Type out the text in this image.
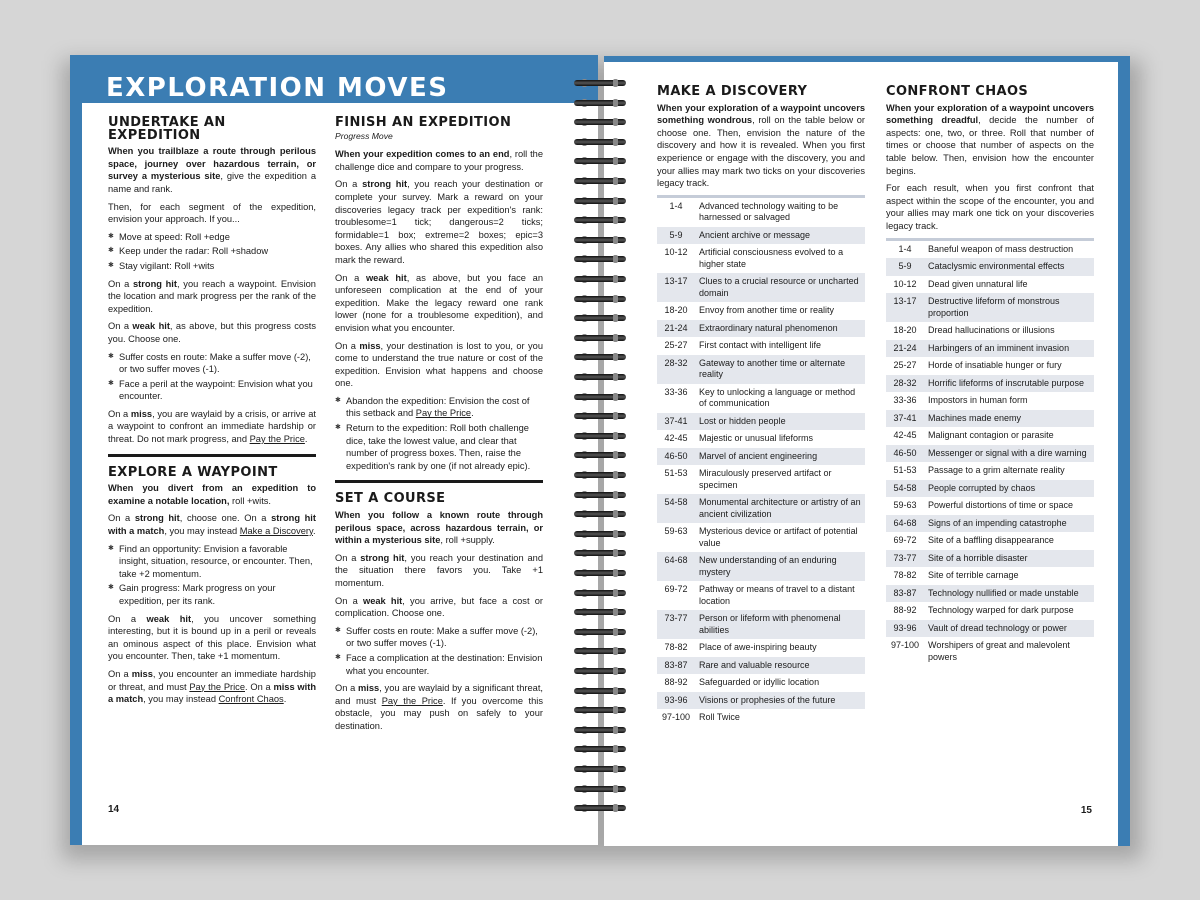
EXPLORATION MOVES
UNDERTAKE AN EXPEDITION

When you trailblaze a route through perilous space, journey over hazardous terrain, or survey a mysterious site, give the expedition a name and rank.

Then, for each segment of the expedition, envision your approach. If you...

✱ Move at speed: Roll +edge
✱ Keep under the radar: Roll +shadow
✱ Stay vigilant: Roll +wits

On a strong hit, you reach a waypoint. Envision the location and mark progress per the rank of the expedition.

On a weak hit, as above, but this progress costs you. Choose one.

✱ Suffer costs en route: Make a suffer move (-2), or two suffer moves (-1).
✱ Face a peril at the waypoint: Envision what you encounter.

On a miss, you are waylaid by a crisis, or arrive at a waypoint to confront an immediate hardship or threat. Do not mark progress, and Pay the Price.

EXPLORE A WAYPOINT

When you divert from an expedition to examine a notable location, roll +wits.

On a strong hit, choose one. On a strong hit with a match, you may instead Make a Discovery.

✱ Find an opportunity: Envision a favorable insight, situation, resource, or encounter. Then, take +2 momentum.
✱ Gain progress: Mark progress on your expedition, per its rank.

On a weak hit, you uncover something interesting, but it is bound up in a peril or reveals an ominous aspect of this place. Envision what you encounter. Then, take +1 momentum.

On a miss, you encounter an immediate hardship or threat, and must Pay the Price. On a miss with a match, you may instead Confront Chaos.

FINISH AN EXPEDITION
Progress Move

When your expedition comes to an end, roll the challenge dice and compare to your progress.

On a strong hit, you reach your destination or complete your survey. Mark a reward on your discoveries legacy track per expedition's rank: troublesome=1 tick; dangerous=2 ticks; formidable=1 box; extreme=2 boxes; epic=3 boxes. Any allies who shared this expedition also mark the reward.

On a weak hit, as above, but you face an unforeseen complication at the end of your expedition. Make the legacy reward one rank lower (none for a troublesome expedition), and envision what you encounter.

On a miss, your destination is lost to you, or you come to understand the true nature or cost of the expedition. Envision what happens and choose one.

✱ Abandon the expedition: Envision the cost of this setback and Pay the Price.
✱ Return to the expedition: Roll both challenge dice, take the lowest value, and clear that number of progress boxes. Then, raise the expedition's rank by one (if not already epic).
SET A COURSE

When you follow a known route through perilous space, across hazardous terrain, or within a mysterious site, roll +supply.

On a strong hit, you reach your destination and the situation there favors you. Take +1 momentum.

On a weak hit, you arrive, but face a cost or complication. Choose one.

✱ Suffer costs en route: Make a suffer move (-2), or two suffer moves (-1).
✱ Face a complication at the destination: Envision what you encounter.

On a miss, you are waylaid by a significant threat, and must Pay the Price. If you overcome this obstacle, you may push on safely to your destination.

14
MAKE A DISCOVERY

When your exploration of a waypoint uncovers something wondrous, roll on the table below or choose one. Then, envision the nature of the discovery and how it is revealed. When you first experience or engage with the discovery, you and your allies may mark two ticks on your discoveries legacy track.

1-4	Advanced technology waiting to be harnessed or salvaged
5-9	Ancient archive or message
10-12	Artificial consciousness evolved to a higher state
13-17	Clues to a crucial resource or uncharted domain
18-20	Envoy from another time or reality
21-24	Extraordinary natural phenomenon
25-27	First contact with intelligent life
28-32	Gateway to another time or alternate reality
33-36	Key to unlocking a language or method of communication
37-41	Lost or hidden people
42-45	Majestic or unusual lifeforms
46-50	Marvel of ancient engineering
51-53	Miraculously preserved artifact or specimen
54-58	Monumental architecture or artistry of an ancient civilization
59-63	Mysterious device or artifact of potential value
64-68	New understanding of an enduring mystery
69-72	Pathway or means of travel to a distant location
73-77	Person or lifeform with phenomenal abilities
78-82	Place of awe-inspiring beauty
83-87	Rare and valuable resource
88-92	Safeguarded or idyllic location
93-96	Visions or prophesies of the future
97-100	Roll Twice
CONFRONT CHAOS

When your exploration of a waypoint uncovers something dreadful, decide the number of aspects: one, two, or three. Roll that number of times or choose that number of aspects on the table below. Then, envision how the encounter begins.

For each result, when you first confront that aspect within the scope of the encounter, you and your allies may mark one tick on your discoveries legacy track.

1-4	Baneful weapon of mass destruction
5-9	Cataclysmic environmental effects
10-12	Dead given unnatural life
13-17	Destructive lifeform of monstrous proportion
18-20	Dread hallucinations or illusions
21-24	Harbingers of an imminent invasion
25-27	Horde of insatiable hunger or fury
28-32	Horrific lifeforms of inscrutable purpose
33-36	Impostors in human form
37-41	Machines made enemy
42-45	Malignant contagion or parasite
46-50	Messenger or signal with a dire warning
51-53	Passage to a grim alternate reality
54-58	People corrupted by chaos
59-63	Powerful distortions of time or space
64-68	Signs of an impending catastrophe
69-72	Site of a baffling disappearance
73-77	Site of a horrible disaster
78-82	Site of terrible carnage
83-87	Technology nullified or made unstable
88-92	Technology warped for dark purpose
93-96	Vault of dread technology or power
97-100	Worshipers of great and malevolent powers
15
